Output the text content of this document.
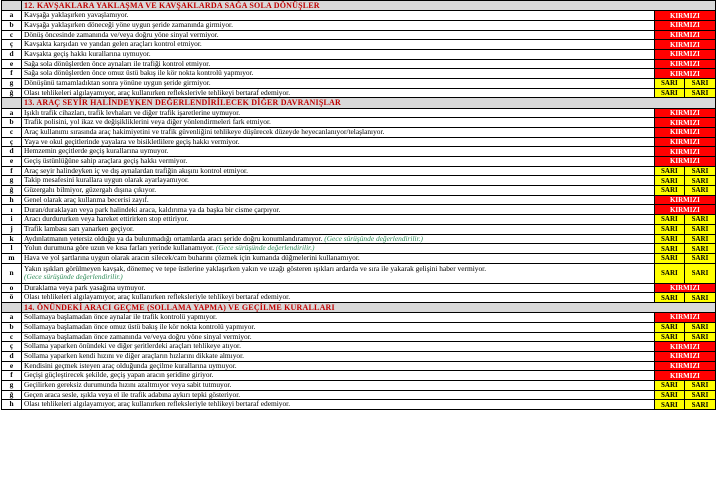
	12. KAVŞAKLARA YAKLAŞMA VE KAVŞAKLARDA SAĞA SOLA DÖNÜŞLER		
a	Kavşağa yaklaşırken yavaşlamıyor.	KIRMIZI	
b	Kavşağa yaklaşırken döneceği yöne uygun şeride zamanında girmiyor.	KIRMIZI	
c	Dönüş öncesinde zamanında ve/veya doğru yöne sinyal vermiyor.	KIRMIZI	
ç	Kavşakta karşıdan ve yandan gelen araçları kontrol etmiyor.	KIRMIZI	
d	Kavşakta geçiş hakkı kurallarına uymuyor.	KIRMIZI	
e	Sağa sola dönüşlerden önce aynaları ile trafiği kontrol etmiyor.	KIRMIZI	
f	Sağa sola dönüşlerden önce omuz üstü bakış ile kör nokta kontrolü yapmıyor.	KIRMIZI	
g	Dönüşünü tamamladıktan sonra yönüne uygun şeride girmiyor.	SARI	SARI
ğ	Olası tehlikeleri algılayamıyor, araç kullanırken reflekslerivle tehlikeyi bertaraf edemiyor.	SARI	SARI
	13. ARAÇ SEYİR HALİNDEYKEN DEĞERLENDİRİLECEK DİĞER DAVRANIŞLAR		
a	Işıklı trafik cihazları, trafik levhaları ve diğer trafik işaretlerine uymuyor.	KIRMIZI	
b	Trafik polisini, yol ikaz ve değişikliklerini veya diğer yönlendirmeleri fark etmiyor.	KIRMIZI	
c	Araç kullanımı sırasında araç hakimiyetini ve trafik güvenliğini tehlikeye düşürecek düzeyde heyecanlanıyor/telaşlanıyor.	KIRMIZI	
ç	Yaya ve okul geçitlerinde yayalara ve bisikletlilere geçiş hakkı vermiyor.	KIRMIZI	
d	Hemzemin geçitlerde geçiş kurallarına uymuyor.	KIRMIZI	
e	Geçiş üstünlüğüne sahip araçlara geçiş hakkı vermiyor.	KIRMIZI	
f	Araç seyir halindeyken iç ve dış aynalardan trafiğin akışını kontrol etmiyor.	SARI	SARI
g	Takip mesafesini kurallara uygun olarak ayarlayamıyor.	SARI	SARI
ğ	Güzergahı bilmiyor, güzergah dışına çıkıyor.	SARI	SARI
h	Genel olarak araç kullanma becerisi zayıf.	KIRMIZI	
ı	Duran/duraklayan veya park halindeki araca, kaldırıma ya da başka bir cisme çarpıyor.	KIRMIZI	
i	Aracı durdururken veya hareket ettirirken stop ettiriyor.	SARI	SARI
j	Trafik lambası sarı yanarken geçiyor.	SARI	SARI
k	Aydınlatmanın yetersiz olduğu ya da bulunmadığı ortamlarda aracı şeride doğru konumlandıramıyor. (Gece sürüşünde değerlendirilir.)	SARI	SARI
l	Yolun durumuna göre uzun ve kısa farları yerinde kullanamıyor. (Gece sürüşünde değerlendirilir.)	SARI	SARI
m	Hava ve yol şartlarına uygun olarak aracın silecek/cam buharını çözmek için kumanda düğmelerini kullanamıyor.	SARI	SARI
n	Yakın ışıkları görülmeyen kavşak, dönemeç ve tepe üstlerine yaklaşırken yakın ve uzağı gösteren ışıkları ardarda ve sıra ile yakarak gelişini haber vermiyor.
(Gece sürüşünde değerlendirilir.)	SARI	SARI
o	Duraklama veya park yasağına uymuyor.	KIRMIZI	
ö	Olası tehlikeleri algılayamıyor, araç kullanırken refleksleriyle tehlikeyi bertaraf edemiyor.	SARI	SARI
	14. ÖNÜNDEKİ ARACI GEÇME (SOLLAMA YAPMA) VE GEÇİLME KURALLARI		
a	Sollamaya başlamadan önce aynalar ile trafik kontrolü yapmıyor.	KIRMIZI	
b	Sollamaya başlamadan önce omuz üstü bakış ile kör nokta kontrolü yapmıyor.	SARI	SARI
c	Sollamaya başlamadan önce zamanında ve/veya doğru yöne sinyal vermiyor.	SARI	SARI
ç	Sollama yaparken önündeki ve diğer şeritlerdeki araçları tehlikeye atıyor.	KIRMIZI	
d	Sollama yaparken kendi hızını ve diğer araçların hızlarını dikkate almıyor.	KIRMIZI	
e	Kendisini geçmek isteyen araç olduğunda geçilme kurallarına uymuyor.	KIRMIZI	
f	Geçişi güçleştirecek şekilde, geçiş yapan aracın şeridine giriyor.	KIRMIZI	
g	Geçilirken gereksiz durumunda hızını azaltmıyor veya sabit tutmuyor.	SARI	SARI
ğ	Geçen araca sesle, ışıkla veya el ile trafik adabına aykırı tepki gösteriyor.	SARI	SARI
h	Olası tehlikeleri algılayamıyor, araç kullanırken refleksleriyle tehlikeyi bertaraf edemiyor.	SARI	SARI
